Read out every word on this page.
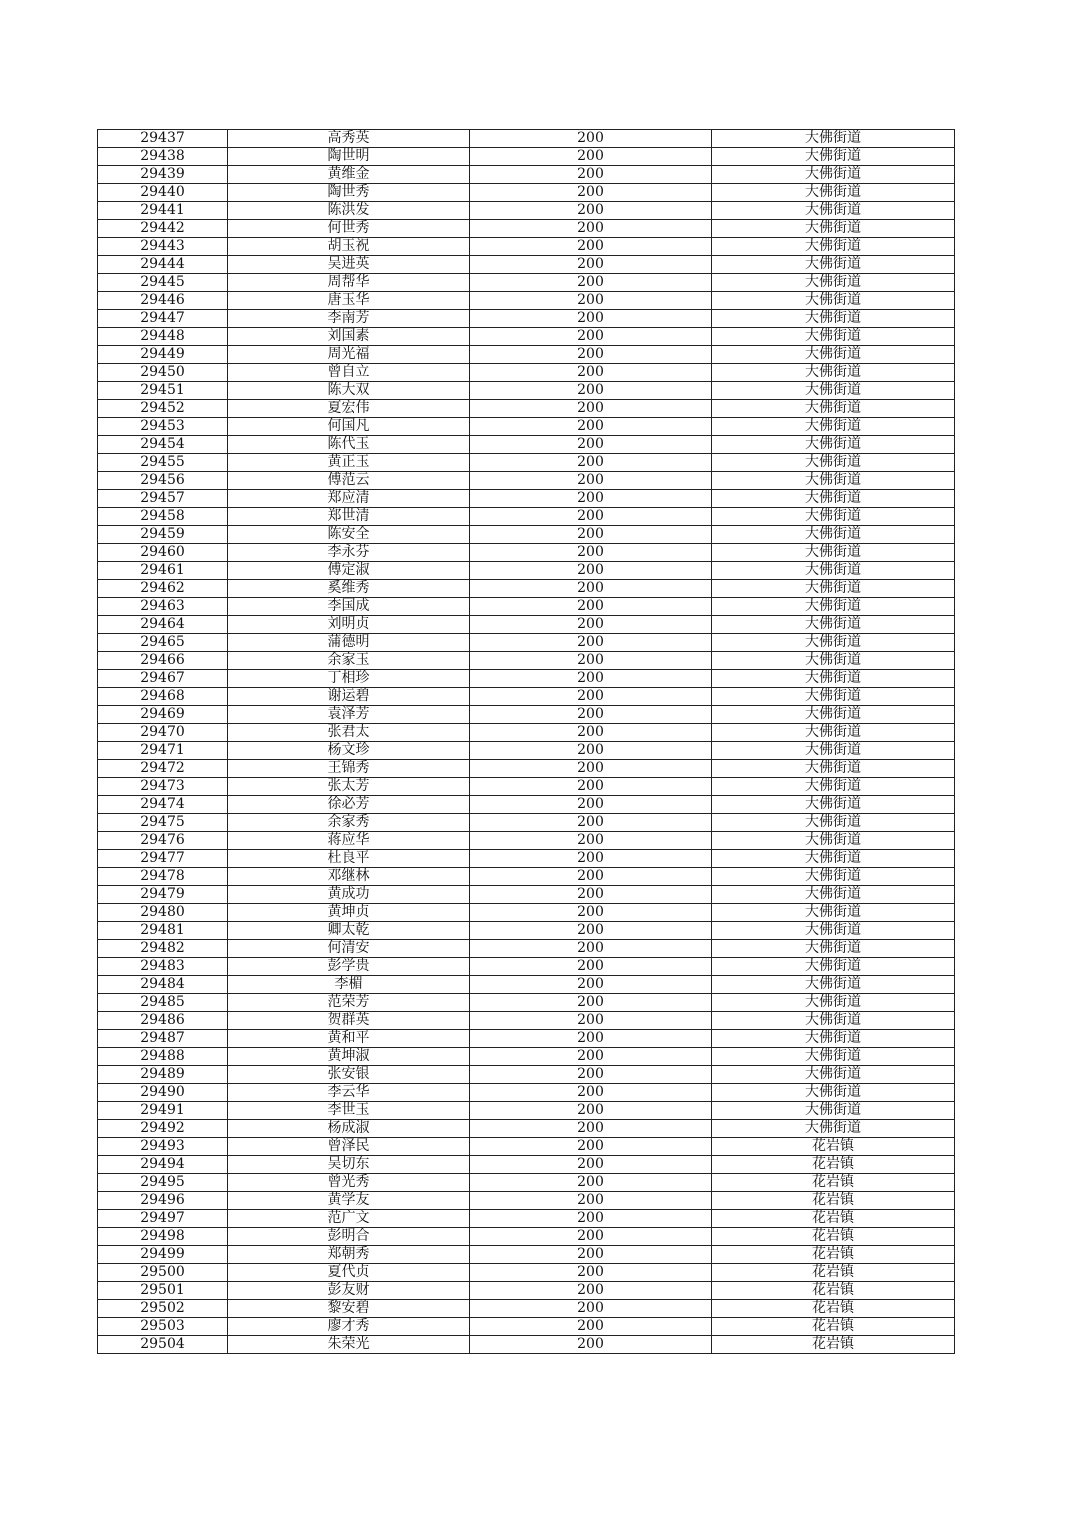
29437	高秀英	200	大佛街道
29438	陶世明	200	大佛街道
29439	黄维金	200	大佛街道
29440	陶世秀	200	大佛街道
29441	陈洪发	200	大佛街道
29442	何世秀	200	大佛街道
29443	胡玉祝	200	大佛街道
29444	吴进英	200	大佛街道
29445	周帮华	200	大佛街道
29446	唐玉华	200	大佛街道
29447	李南芳	200	大佛街道
29448	刘国素	200	大佛街道
29449	周光福	200	大佛街道
29450	曾自立	200	大佛街道
29451	陈大双	200	大佛街道
29452	夏宏伟	200	大佛街道
29453	何国凡	200	大佛街道
29454	陈代玉	200	大佛街道
29455	黄正玉	200	大佛街道
29456	傅范云	200	大佛街道
29457	郑应清	200	大佛街道
29458	郑世清	200	大佛街道
29459	陈安全	200	大佛街道
29460	李永芬	200	大佛街道
29461	傅定淑	200	大佛街道
29462	奚维秀	200	大佛街道
29463	李国成	200	大佛街道
29464	刘明贞	200	大佛街道
29465	蒲德明	200	大佛街道
29466	余家玉	200	大佛街道
29467	丁相珍	200	大佛街道
29468	谢运碧	200	大佛街道
29469	袁泽芳	200	大佛街道
29470	张君太	200	大佛街道
29471	杨文珍	200	大佛街道
29472	王锦秀	200	大佛街道
29473	张太芳	200	大佛街道
29474	徐必芳	200	大佛街道
29475	余家秀	200	大佛街道
29476	蒋应华	200	大佛街道
29477	杜良平	200	大佛街道
29478	邓继林	200	大佛街道
29479	黄成功	200	大佛街道
29480	黄坤贞	200	大佛街道
29481	卿太乾	200	大佛街道
29482	何清安	200	大佛街道
29483	彭学贵	200	大佛街道
29484	李楣	200	大佛街道
29485	范荣芳	200	大佛街道
29486	贺群英	200	大佛街道
29487	黄和平	200	大佛街道
29488	黄坤淑	200	大佛街道
29489	张安银	200	大佛街道
29490	李云华	200	大佛街道
29491	李世玉	200	大佛街道
29492	杨成淑	200	大佛街道
29493	曾泽民	200	花岩镇
29494	吴切东	200	花岩镇
29495	曾光秀	200	花岩镇
29496	黄学友	200	花岩镇
29497	范广文	200	花岩镇
29498	彭明合	200	花岩镇
29499	郑朝秀	200	花岩镇
29500	夏代贞	200	花岩镇
29501	彭友财	200	花岩镇
29502	黎安碧	200	花岩镇
29503	廖才秀	200	花岩镇
29504	朱荣光	200	花岩镇
